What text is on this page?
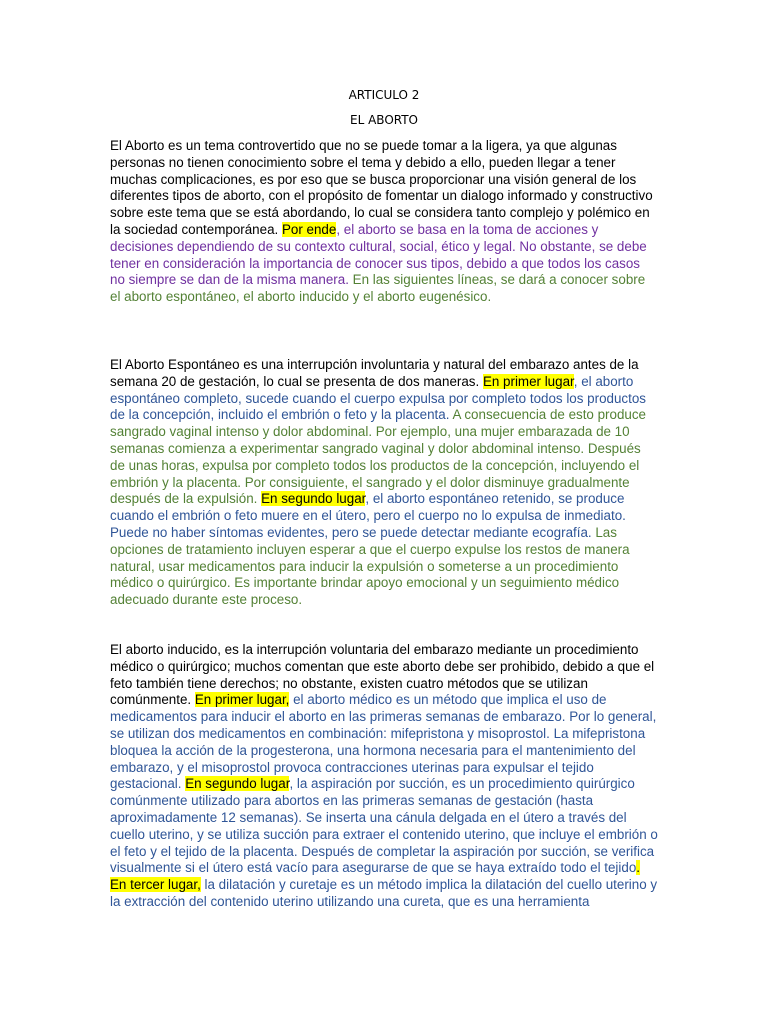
ARTICULO 2
EL ABORTO

El Aborto es un tema controvertido que no se puede tomar a la ligera, ya que algunas personas no tienen conocimiento sobre el tema y debido a ello, pueden llegar a tener muchas complicaciones, es por eso que se busca proporcionar una visión general de los diferentes tipos de aborto, con el propósito de fomentar un dialogo informado y constructivo sobre este tema que se está abordando, lo cual se considera tanto complejo y polémico en la sociedad contemporánea. Por ende, el aborto se basa en la toma de acciones y decisiones dependiendo de su contexto cultural, social, ético y legal. No obstante, se debe tener en consideración la importancia de conocer sus tipos, debido a que todos los casos no siempre se dan de la misma manera. En las siguientes líneas, se dará a conocer sobre el aborto espontáneo, el aborto inducido y el aborto eugenésico.

El Aborto Espontáneo es una interrupción involuntaria y natural del embarazo antes de la semana 20 de gestación, lo cual se presenta de dos maneras. En primer lugar, el aborto espontáneo completo, sucede cuando el cuerpo expulsa por completo todos los productos de la concepción, incluido el embrión o feto y la placenta. A consecuencia de esto produce sangrado vaginal intenso y dolor abdominal. Por ejemplo, una mujer embarazada de 10 semanas comienza a experimentar sangrado vaginal y dolor abdominal intenso. Después de unas horas, expulsa por completo todos los productos de la concepción, incluyendo el embrión y la placenta. Por consiguiente, el sangrado y el dolor disminuye gradualmente después de la expulsión. En segundo lugar, el aborto espontáneo retenido, se produce cuando el embrión o feto muere en el útero, pero el cuerpo no lo expulsa de inmediato. Puede no haber síntomas evidentes, pero se puede detectar mediante ecografía. Las opciones de tratamiento incluyen esperar a que el cuerpo expulse los restos de manera natural, usar medicamentos para inducir la expulsión o someterse a un procedimiento médico o quirúrgico. Es importante brindar apoyo emocional y un seguimiento médico adecuado durante este proceso.

El aborto inducido, es la interrupción voluntaria del embarazo mediante un procedimiento médico o quirúrgico; muchos comentan que este aborto debe ser prohibido, debido a que el feto también tiene derechos; no obstante, existen cuatro métodos que se utilizan comúnmente. En primer lugar, el aborto médico es un método que implica el uso de medicamentos para inducir el aborto en las primeras semanas de embarazo. Por lo general, se utilizan dos medicamentos en combinación: mifepristona y misoprostol. La mifepristona bloquea la acción de la progesterona, una hormona necesaria para el mantenimiento del embarazo, y el misoprostol provoca contracciones uterinas para expulsar el tejido gestacional. En segundo lugar, la aspiración por succión, es un procedimiento quirúrgico comúnmente utilizado para abortos en las primeras semanas de gestación (hasta aproximadamente 12 semanas). Se inserta una cánula delgada en el útero a través del cuello uterino, y se utiliza succión para extraer el contenido uterino, que incluye el embrión o el feto y el tejido de la placenta. Después de completar la aspiración por succión, se verifica visualmente si el útero está vacío para asegurarse de que se haya extraído todo el tejido. En tercer lugar, la dilatación y curetaje es un método implica la dilatación del cuello uterino y la extracción del contenido uterino utilizando una cureta, que es una herramienta
